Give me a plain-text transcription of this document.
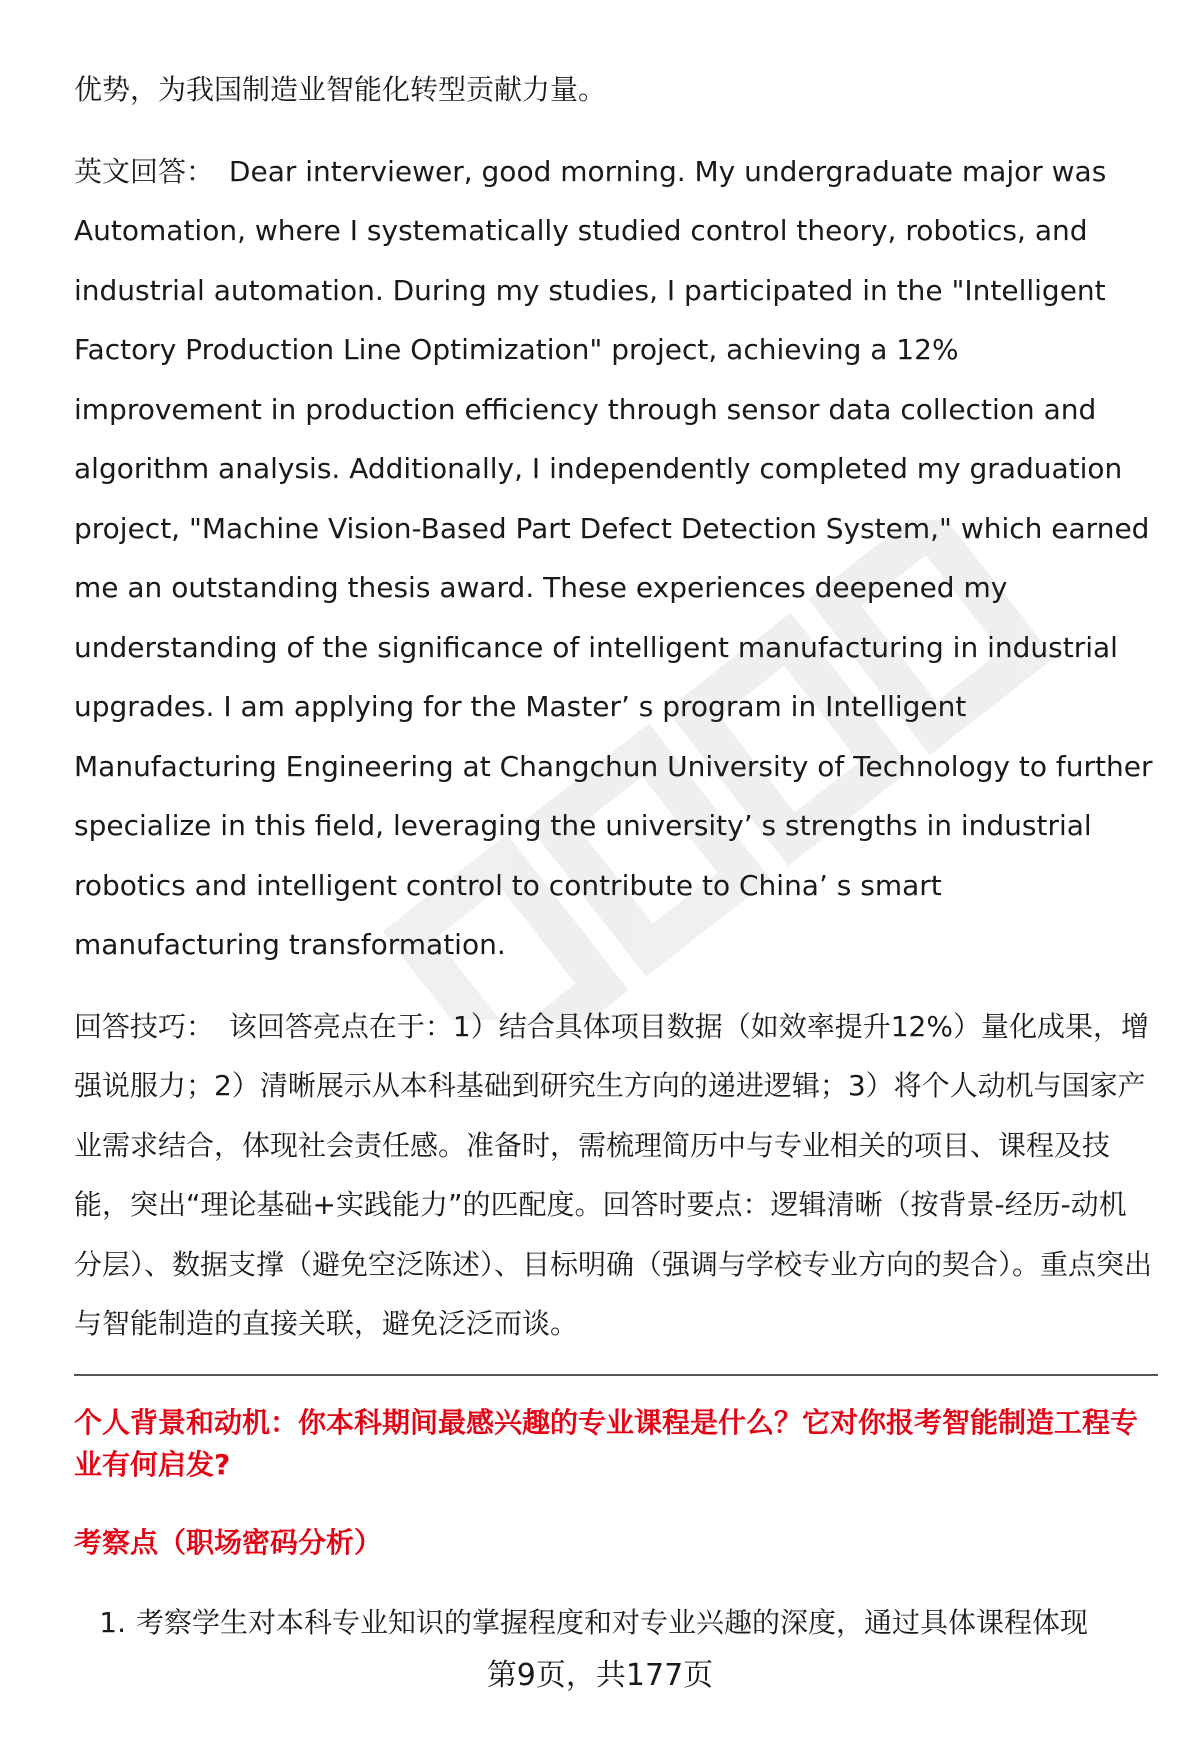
优势，为我国制造业智能化转型贡献力量。

英文回答： Dear interviewer, good morning. My undergraduate major was Automation, where I systematically studied control theory, robotics, and industrial automation. During my studies, I participated in the "Intelligent Factory Production Line Optimization" project, achieving a 12% improvement in production efficiency through sensor data collection and algorithm analysis. Additionally, I independently completed my graduation project, "Machine Vision-Based Part Defect Detection System," which earned me an outstanding thesis award. These experiences deepened my understanding of the significance of intelligent manufacturing in industrial upgrades. I am applying for the Master’ s program in Intelligent Manufacturing Engineering at Changchun University of Technology to further specialize in this field, leveraging the university’ s strengths in industrial robotics and intelligent control to contribute to China’ s smart manufacturing transformation.

回答技巧： 该回答亮点在于：1）结合具体项目数据（如效率提升12%）量化成果，增强说服力；2）清晰展示从本科基础到研究生方向的递进逻辑；3）将个人动机与国家产业需求结合，体现社会责任感。准备时，需梳理简历中与专业相关的项目、课程及技能，突出“理论基础+实践能力”的匹配度。回答时要点：逻辑清晰（按背景-经历-动机分层）、数据支撑（避免空泛陈述）、目标明确（强调与学校专业方向的契合）。重点突出与智能制造的直接关联，避免泛泛而谈。

个人背景和动机：你本科期间最感兴趣的专业课程是什么？它对你报考智能制造工程专业有何启发?

考察点（职场密码分析）

1. 考察学生对本科专业知识的掌握程度和对专业兴趣的深度，通过具体课程体现
第9页，共177页
